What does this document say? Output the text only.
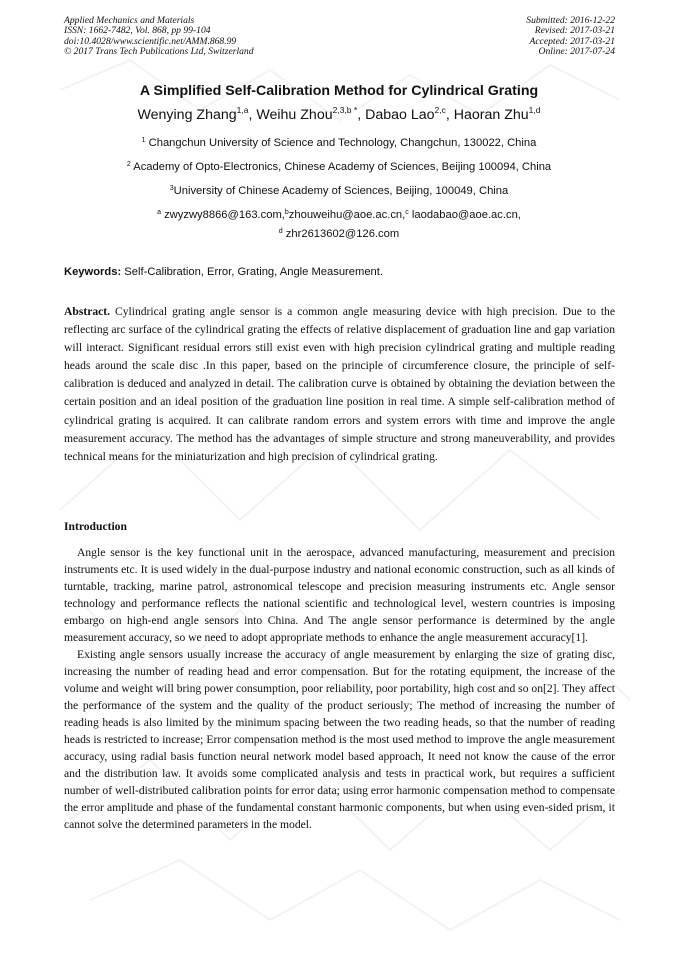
Applied Mechanics and Materials
ISSN: 1662-7482, Vol. 868, pp 99-104
doi:10.4028/www.scientific.net/AMM.868.99
© 2017 Trans Tech Publications Ltd, Switzerland
Submitted: 2016-12-22
Revised: 2017-03-21
Accepted: 2017-03-21
Online: 2017-07-24
A Simplified Self-Calibration Method for Cylindrical Grating
Wenying Zhang$^{1,a}$, Weihu Zhou$^{2,3,b *}$, Dabao Lao$^{2,c}$, Haoran Zhu$^{1,d}$
$^1$ Changchun University of Science and Technology, Changchun, 130022, China
$^2$ Academy of Opto-Electronics, Chinese Academy of Sciences, Beijing 100094, China
$^3$University of Chinese Academy of Sciences, Beijing, 100049, China
$^a$ zwyzwy8866@163.com,$^b$zhouweihu@aoe.ac.cn,$^c$ laodabao@aoe.ac.cn,
$^d$ zhr2613602@126.com
Keywords: Self-Calibration, Error, Grating, Angle Measurement.
Abstract. Cylindrical grating angle sensor is a common angle measuring device with high precision. Due to the reflecting arc surface of the cylindrical grating the effects of relative displacement of graduation line and gap variation will interact. Significant residual errors still exist even with high precision cylindrical grating and multiple reading heads around the scale disc .In this paper, based on the principle of circumference closure, the principle of self-calibration is deduced and analyzed in detail. The calibration curve is obtained by obtaining the deviation between the certain position and an ideal position of the graduation line position in real time. A simple self-calibration method of cylindrical grating is acquired. It can calibrate random errors and system errors with time and improve the angle measurement accuracy. The method has the advantages of simple structure and strong maneuverability, and provides technical means for the miniaturization and high precision of cylindrical grating.
Introduction

Angle sensor is the key functional unit in the aerospace, advanced manufacturing, measurement and precision instruments etc. It is used widely in the dual-purpose industry and national economic construction, such as all kinds of turntable, tracking, marine patrol, astronomical telescope and precision measuring instruments etc. Angle sensor technology and performance reflects the national scientific and technological level, western countries is imposing embargo on high-end angle sensors into China. And The angle sensor performance is determined by the angle measurement accuracy, so we need to adopt appropriate methods to enhance the angle measurement accuracy[1].

Existing angle sensors usually increase the accuracy of angle measurement by enlarging the size of grating disc, increasing the number of reading head and error compensation. But for the rotating equipment, the increase of the volume and weight will bring power consumption, poor reliability, poor portability, high cost and so on[2]. They affect the performance of the system and the quality of the product seriously; The method of increasing the number of reading heads is also limited by the minimum spacing between the two reading heads, so that the number of reading heads is restricted to increase; Error compensation method is the most used method to improve the angle measurement accuracy, using radial basis function neural network model based approach, It need not know the cause of the error and the distribution law. It avoids some complicated analysis and tests in practical work, but requires a sufficient number of well-distributed calibration points for error data; using error harmonic compensation method to compensate the error amplitude and phase of the fundamental constant harmonic components, but when using even-sided prism, it cannot solve the determined parameters in the model.
